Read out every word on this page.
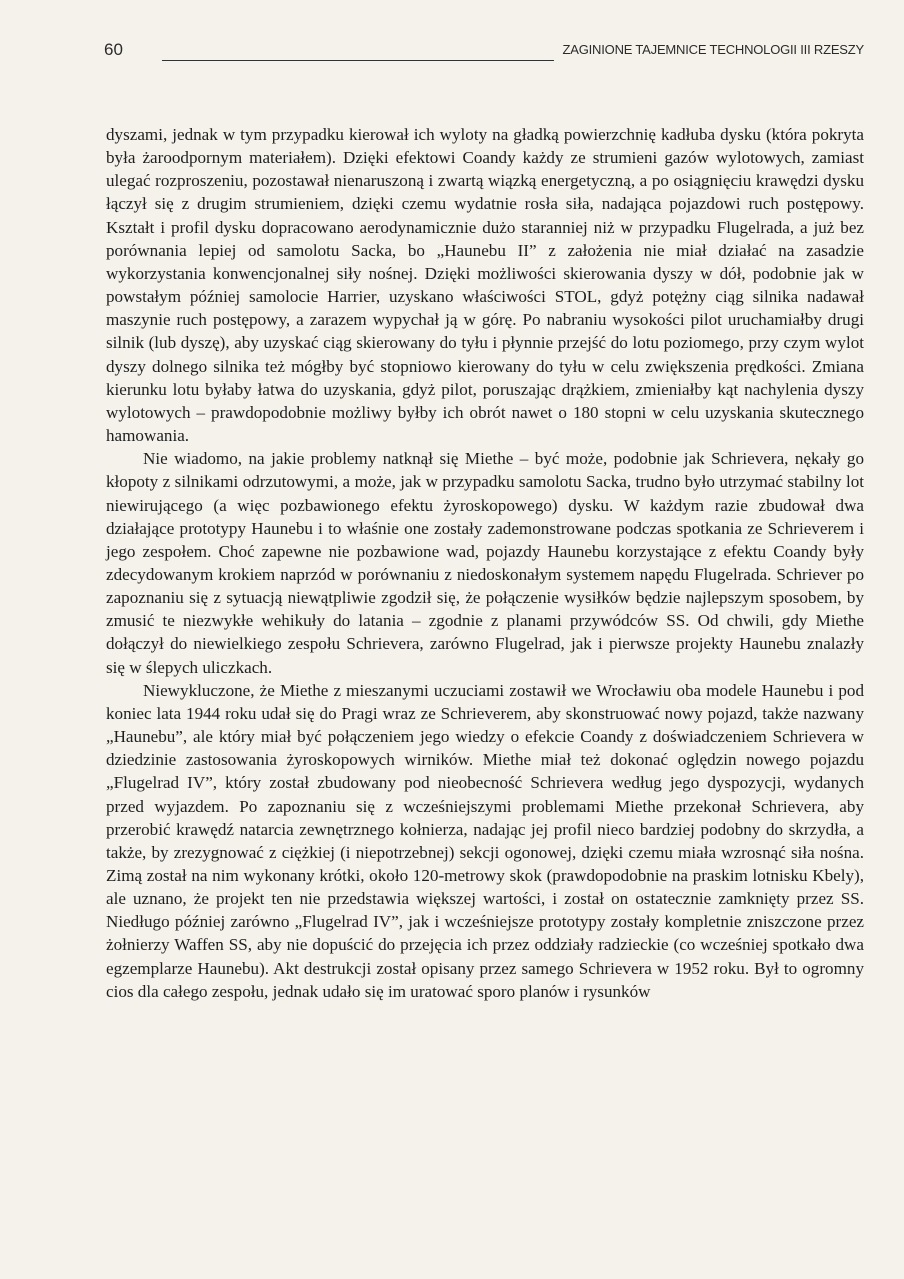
60	ZAGINIONE TAJEMNICE TECHNOLOGII III RZESZY

dyszami, jednak w tym przypadku kierował ich wyloty na gładką powierzchnię kadłuba dysku (która pokryta była żaroodpornym materiałem). Dzięki efektowi Coandy każdy ze strumieni gazów wylotowych, zamiast ulegać rozproszeniu, pozostawał nienaruszoną i zwartą wiązką energetyczną, a po osiągnięciu krawędzi dysku łączył się z drugim strumieniem, dzięki czemu wydatnie rosła siła, nadająca pojazdowi ruch postępowy. Kształt i profil dysku dopracowano aerodynamicznie dużo staranniej niż w przypadku Flugelrada, a już bez porównania lepiej od samolotu Sacka, bo „Haunebu II” z założenia nie miał działać na zasadzie wykorzystania konwencjonalnej siły nośnej. Dzięki możliwości skierowania dyszy w dół, podobnie jak w powstałym później samolocie Harrier, uzyskano właściwości STOL, gdyż potężny ciąg silnika nadawał maszynie ruch postępowy, a zarazem wypychał ją w górę. Po nabraniu wysokości pilot uruchamiałby drugi silnik (lub dyszę), aby uzyskać ciąg skierowany do tyłu i płynnie przejść do lotu poziomego, przy czym wylot dyszy dolnego silnika też mógłby być stopniowo kierowany do tyłu w celu zwiększenia prędkości. Zmiana kierunku lotu byłaby łatwa do uzyskania, gdyż pilot, poruszając drążkiem, zmieniałby kąt nachylenia dyszy wylotowych – prawdopodobnie możliwy byłby ich obrót nawet o 180 stopni w celu uzyskania skutecznego hamowania.

Nie wiadomo, na jakie problemy natknął się Miethe – być może, podobnie jak Schrievera, nękały go kłopoty z silnikami odrzutowymi, a może, jak w przypadku samolotu Sacka, trudno było utrzymać stabilny lot niewirującego (a więc pozbawionego efektu żyroskopowego) dysku. W każdym razie zbudował dwa działające prototypy Haunebu i to właśnie one zostały zademonstrowane podczas spotkania ze Schrieverem i jego zespołem. Choć zapewne nie pozbawione wad, pojazdy Haunebu korzystające z efektu Coandy były zdecydowanym krokiem naprzód w porównaniu z niedoskonałym systemem napędu Flugelrada. Schriever po zapoznaniu się z sytuacją niewątpliwie zgodził się, że połączenie wysiłków będzie najlepszym sposobem, by zmusić te niezwykłe wehikuły do latania – zgodnie z planami przywódców SS. Od chwili, gdy Miethe dołączył do niewielkiego zespołu Schrievera, zarówno Flugelrad, jak i pierwsze projekty Haunebu znalazły się w ślepych uliczkach.

Niewykluczone, że Miethe z mieszanymi uczuciami zostawił we Wrocławiu oba modele Haunebu i pod koniec lata 1944 roku udał się do Pragi wraz ze Schrieverem, aby skonstruować nowy pojazd, także nazwany „Haunebu”, ale który miał być połączeniem jego wiedzy o efekcie Coandy z doświadczeniem Schrievera w dziedzinie zastosowania żyroskopowych wirników. Miethe miał też dokonać oględzin nowego pojazdu „Flugelrad IV”, który został zbudowany pod nieobecność Schrievera według jego dyspozycji, wydanych przed wyjazdem. Po zapoznaniu się z wcześniejszymi problemami Miethe przekonał Schrievera, aby przerobić krawędź natarcia zewnętrznego kołnierza, nadając jej profil nieco bardziej podobny do skrzydła, a także, by zrezygnować z ciężkiej (i niepotrzebnej) sekcji ogonowej, dzięki czemu miała wzrosnąć siła nośna. Zimą został na nim wykonany krótki, około 120-metrowy skok (prawdopodobnie na praskim lotnisku Kbely), ale uznano, że projekt ten nie przedstawia większej wartości, i został on ostatecznie zamknięty przez SS. Niedługo później zarówno „Flugelrad IV”, jak i wcześniejsze prototypy zostały kompletnie zniszczone przez żołnierzy Waffen SS, aby nie dopuścić do przejęcia ich przez oddziały radzieckie (co wcześniej spotkało dwa egzemplarze Haunebu). Akt destrukcji został opisany przez samego Schrievera w 1952 roku. Był to ogromny cios dla całego zespołu, jednak udało się im uratować sporo planów i rysunków
